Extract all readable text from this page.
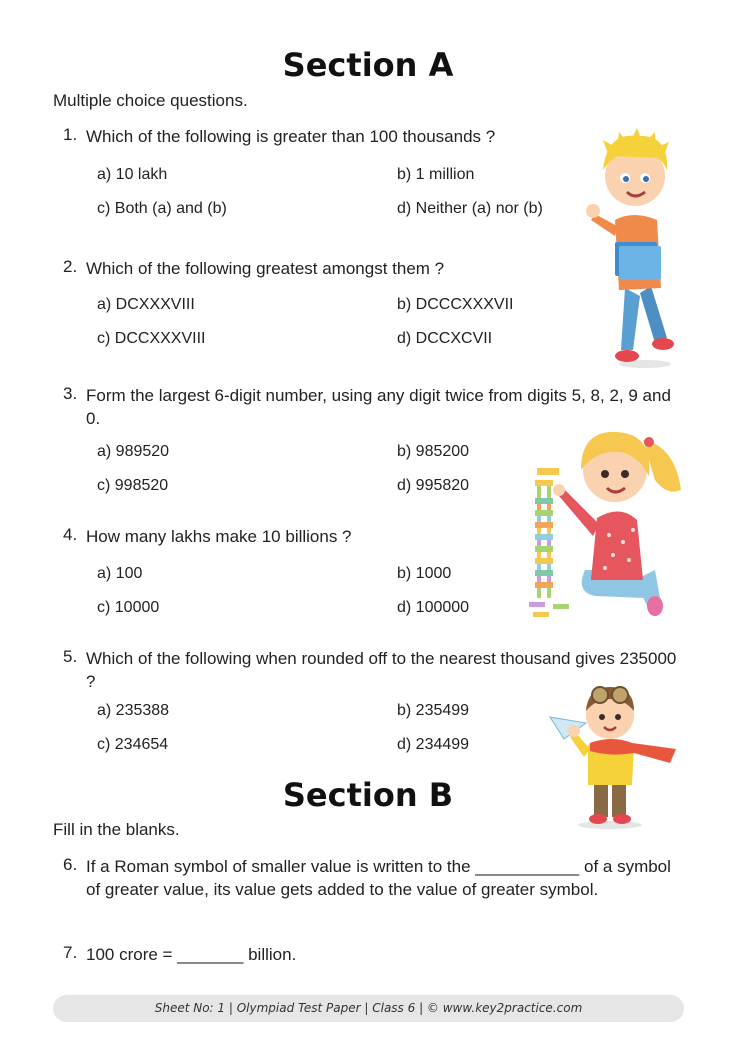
Section A
Multiple choice questions.
1. Which of the following is greater than 100 thousands ?
a) 10 lakh	b) 1 million
c) Both (a) and (b)	d) Neither (a) nor (b)
2. Which of the following greatest amongst them ?
a) DCXXXVIII	b) DCCCXXXVII
c) DCCXXXVIII	d) DCCXCVII
3. Form the largest 6-digit number, using any digit twice from digits 5, 8, 2, 9 and 0.
a) 989520	b) 985200
c) 998520	d) 995820
4. How many lakhs make 10 billions ?
a) 100	b) 1000
c) 10000	d) 100000
5. Which of the following when rounded off to the nearest thousand gives 235000 ?
a) 235388	b) 235499
c) 234654	d) 234499
Section B
Fill in the blanks.
6. If a Roman symbol of smaller value is written to the ___________ of a symbol of greater value, its value gets added to the value of greater symbol.
7. 100 crore = _______ billion.
Sheet No: 1 | Olympiad Test Paper | Class 6 | © www.key2practice.com
